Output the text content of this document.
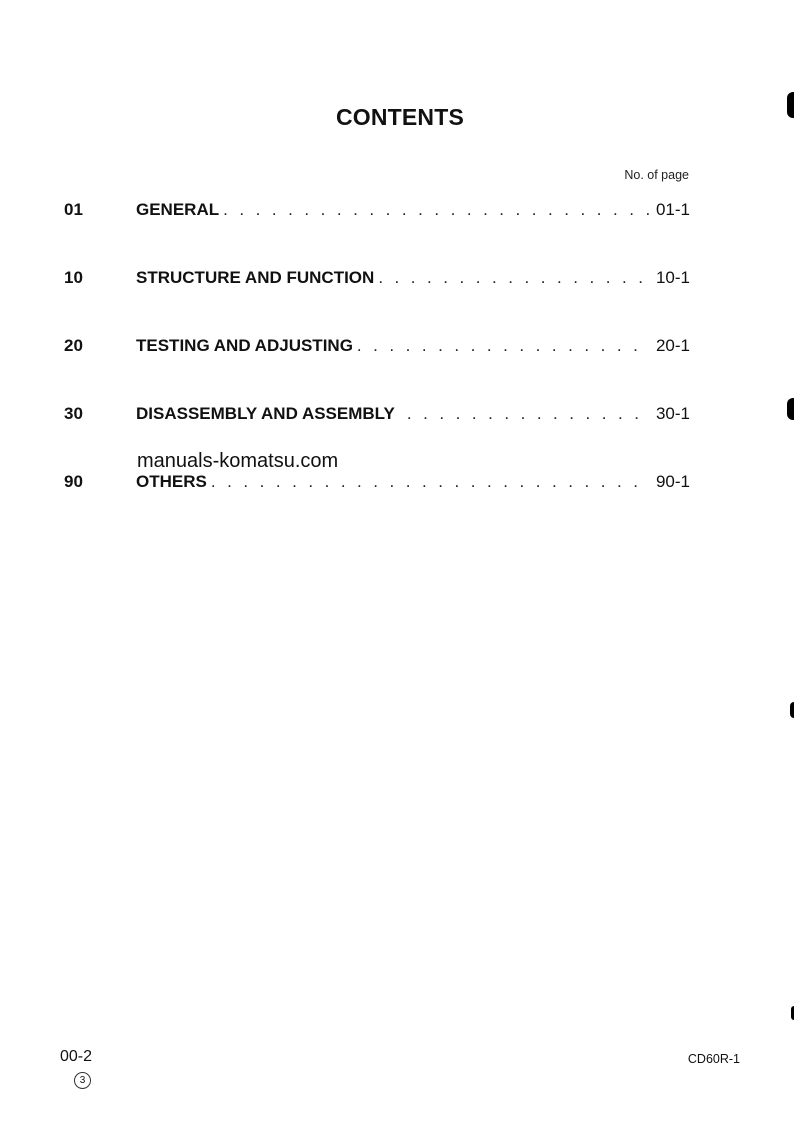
CONTENTS
No. of page
01	GENERAL . . .	01-1
10	STRUCTURE AND FUNCTION . . .	10-1
20	TESTING AND ADJUSTING . . .	20-1
30	DISASSEMBLY AND ASSEMBLY . . .	30-1
90	OTHERS . . .	90-1
manuals-komatsu.com
00-2
3
CD60R-1
